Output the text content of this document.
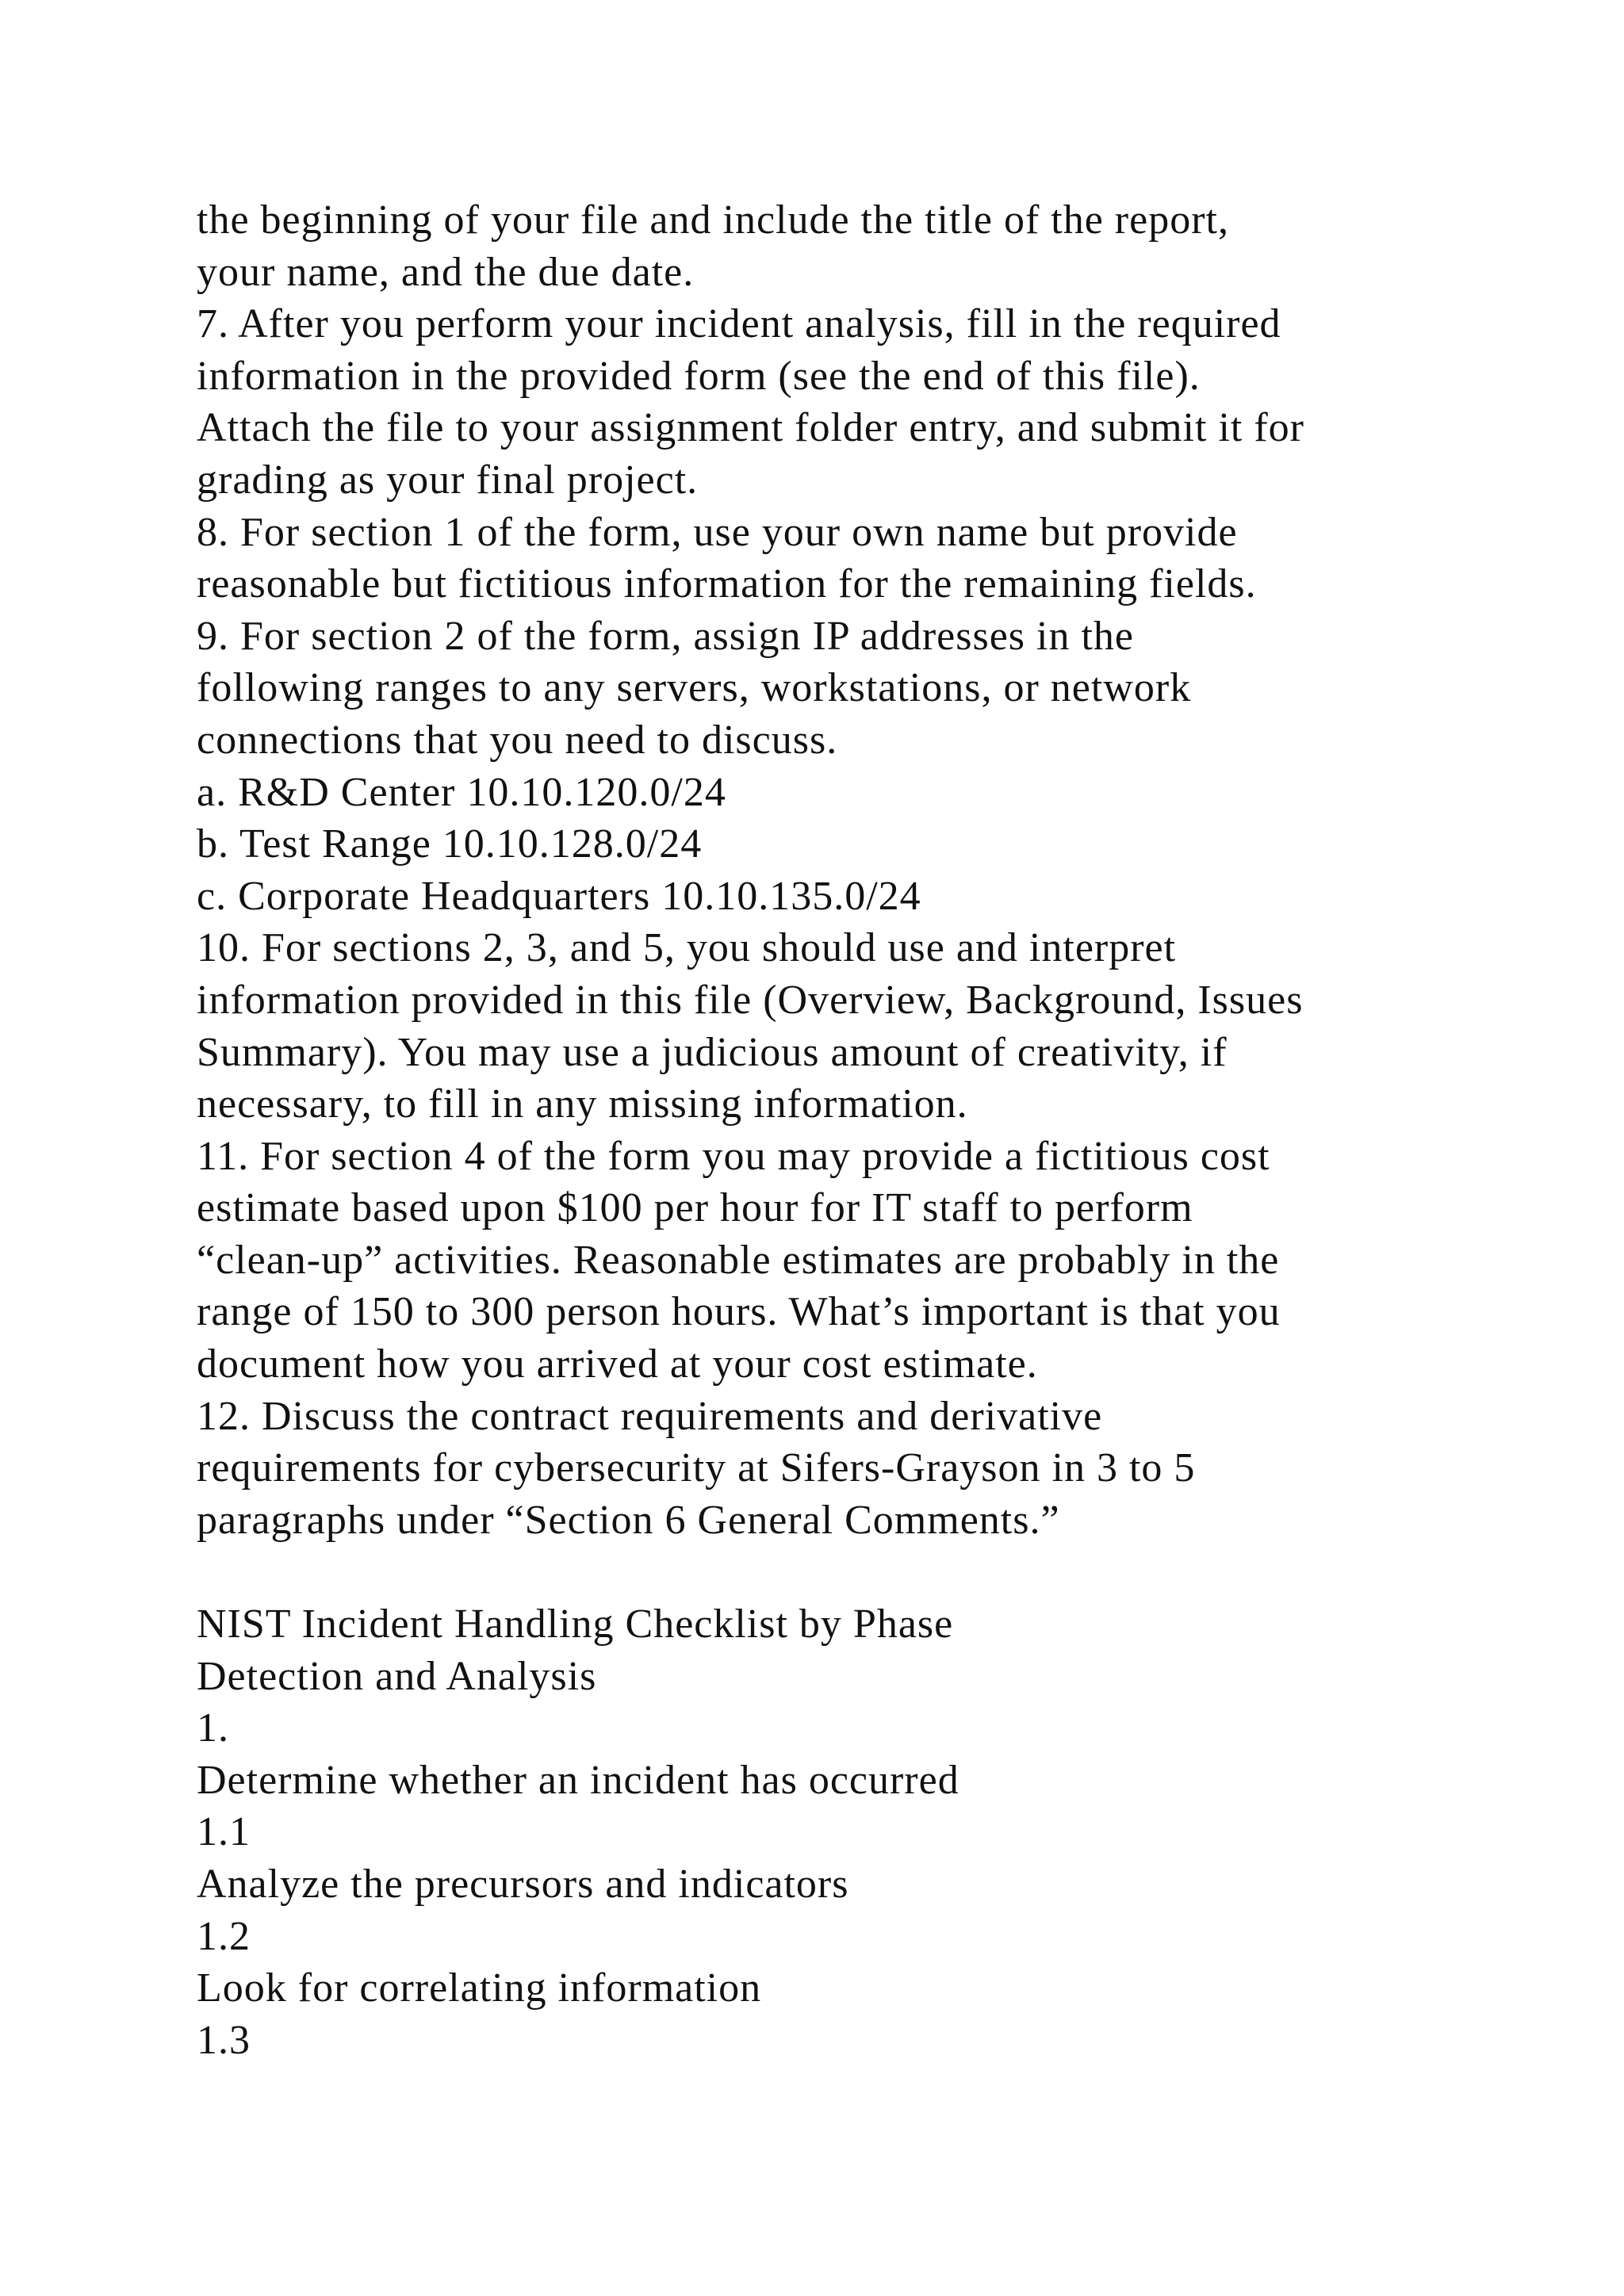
the beginning of your file and include the title of the report,
your name, and the due date.
7. After you perform your incident analysis, fill in the required
information in the provided form (see the end of this file).
Attach the file to your assignment folder entry, and submit it for
grading as your final project.
8. For section 1 of the form, use your own name but provide
reasonable but fictitious information for the remaining fields.
9. For section 2 of the form, assign IP addresses in the
following ranges to any servers, workstations, or network
connections that you need to discuss.
a. R&D Center 10.10.120.0/24
b. Test Range 10.10.128.0/24
c. Corporate Headquarters 10.10.135.0/24
10. For sections 2, 3, and 5, you should use and interpret
information provided in this file (Overview, Background, Issues
Summary). You may use a judicious amount of creativity, if
necessary, to fill in any missing information.
11. For section 4 of the form you may provide a fictitious cost
estimate based upon $100 per hour for IT staff to perform
“clean-up” activities. Reasonable estimates are probably in the
range of 150 to 300 person hours. What’s important is that you
document how you arrived at your cost estimate.
12. Discuss the contract requirements and derivative
requirements for cybersecurity at Sifers-Grayson in 3 to 5
paragraphs under “Section 6 General Comments.”
NIST Incident Handling Checklist by Phase
Detection and Analysis
1.
Determine whether an incident has occurred
1.1
Analyze the precursors and indicators
1.2
Look for correlating information
1.3
